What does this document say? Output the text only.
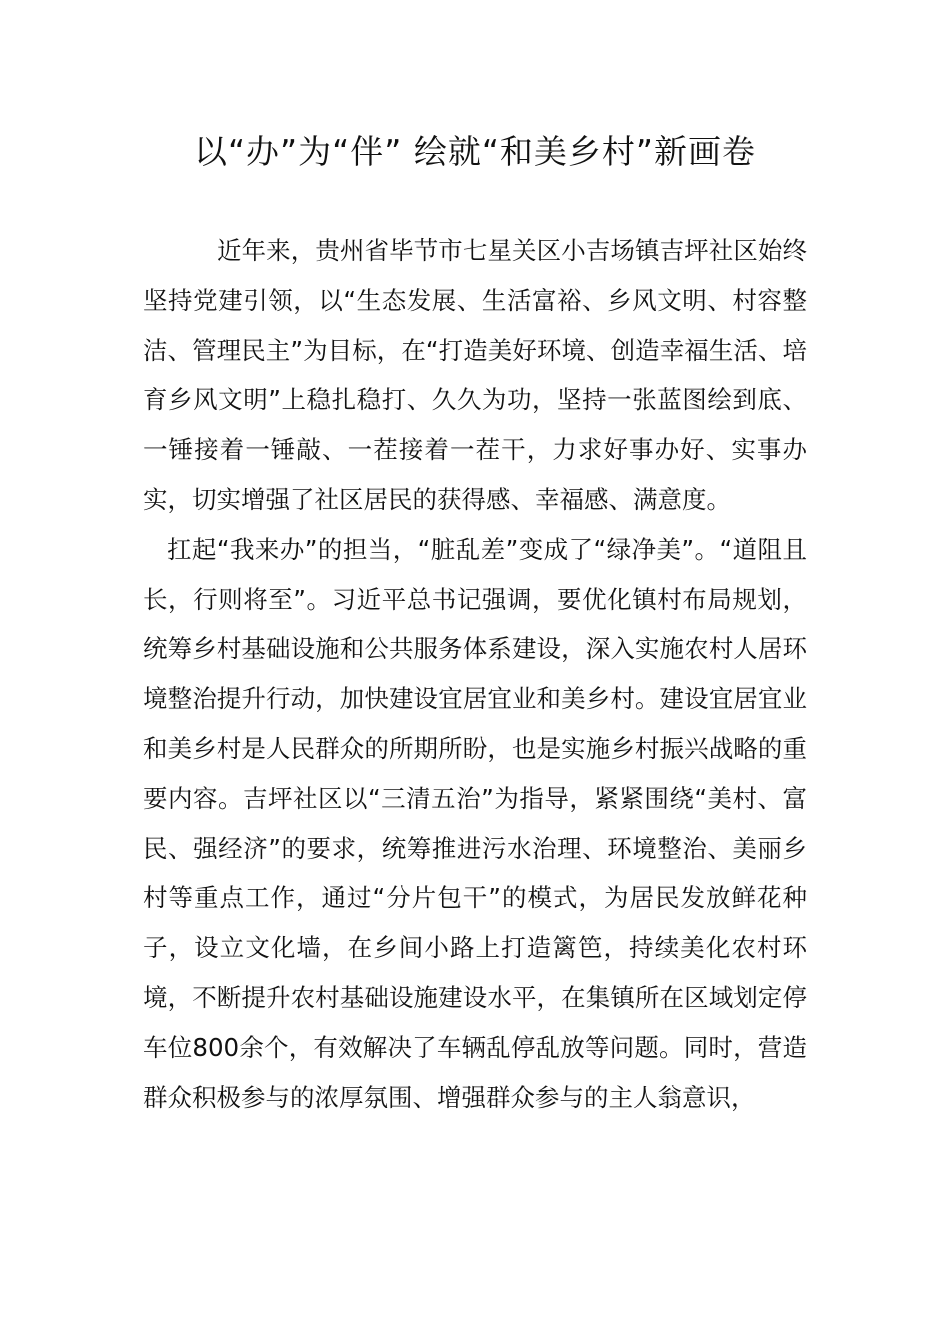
以“办”为“伴” 绘就“和美乡村”新画卷

近年来，贵州省毕节市七星关区小吉场镇吉坪社区始终坚持党建引领，以“生态发展、生活富裕、乡风文明、村容整洁、管理民主”为目标，在“打造美好环境、创造幸福生活、培育乡风文明”上稳扎稳打、久久为功，坚持一张蓝图绘到底、一锤接着一锤敲、一茬接着一茬干，力求好事办好、实事办实，切实增强了社区居民的获得感、幸福感、满意度。

扛起“我来办”的担当，“脏乱差”变成了“绿净美”。“道阻且长，行则将至”。习近平总书记强调，要优化镇村布局规划，统筹乡村基础设施和公共服务体系建设，深入实施农村人居环境整治提升行动，加快建设宜居宜业和美乡村。建设宜居宜业和美乡村是人民群众的所期所盼，也是实施乡村振兴战略的重要内容。吉坪社区以“三清五治”为指导，紧紧围绕“美村、富民、强经济”的要求，统筹推进污水治理、环境整治、美丽乡村等重点工作，通过“分片包干”的模式，为居民发放鲜花种子，设立文化墙，在乡间小路上打造篱笆，持续美化农村环境，不断提升农村基础设施建设水平，在集镇所在区域划定停车位800余个，有效解决了车辆乱停乱放等问题。同时，营造群众积极参与的浓厚氛围、增强群众参与的主人翁意识，
